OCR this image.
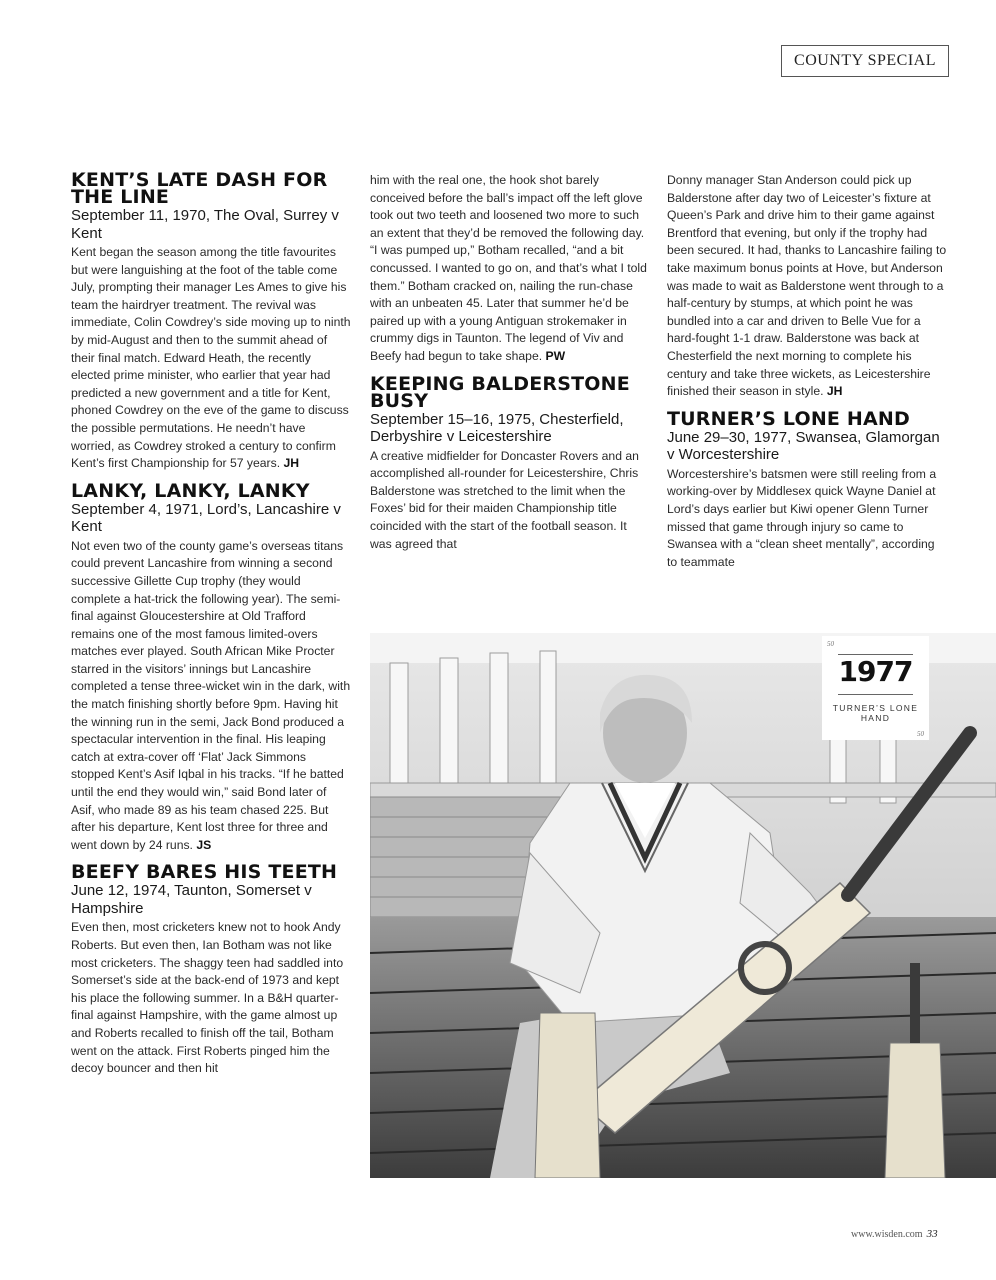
COUNTY SPECIAL
KENT’S LATE DASH FOR THE LINE
September 11, 1970, The Oval, Surrey v Kent

Kent began the season among the title favourites but were languishing at the foot of the table come July, prompting their manager Les Ames to give his team the hairdryer treatment. The revival was immediate, Colin Cowdrey’s side moving up to ninth by mid-August and then to the summit ahead of their final match. Edward Heath, the recently elected prime minister, who earlier that year had predicted a new government and a title for Kent, phoned Cowdrey on the eve of the game to discuss the possible permutations. He needn’t have worried, as Cowdrey stroked a century to confirm Kent’s first Championship for 57 years. JH

LANKY, LANKY, LANKY
September 4, 1971, Lord’s, Lancashire v Kent

Not even two of the county game’s overseas titans could prevent Lancashire from winning a second successive Gillette Cup trophy (they would complete a hat-trick the following year). The semi-final against Gloucestershire at Old Trafford remains one of the most famous limited-overs matches ever played. South African Mike Procter starred in the visitors’ innings but Lancashire completed a tense three-wicket win in the dark, with the match finishing shortly before 9pm. Having hit the winning run in the semi, Jack Bond produced a spectacular intervention in the final. His leaping catch at extra-cover off ‘Flat’ Jack Simmons stopped Kent’s Asif Iqbal in his tracks. “If he batted until the end they would win,” said Bond later of Asif, who made 89 as his team chased 225. But after his departure, Kent lost three for three and went down by 24 runs. JS

BEEFY BARES HIS TEETH
June 12, 1974, Taunton, Somerset v Hampshire

Even then, most cricketers knew not to hook Andy Roberts. But even then, Ian Botham was not like most cricketers. The shaggy teen had saddled into Somerset’s side at the back-end of 1973 and kept his place the following summer. In a B&H quarter-final against Hampshire, with the game almost up and Roberts recalled to finish off the tail, Botham went on the attack. First Roberts pinged him the decoy bouncer and then hit

him with the real one, the hook shot barely conceived before the ball’s impact off the left glove took out two teeth and loosened two more to such an extent that they’d be removed the following day. “I was pumped up,” Botham recalled, “and a bit concussed. I wanted to go on, and that’s what I told them.” Botham cracked on, nailing the run-chase with an unbeaten 45. Later that summer he’d be paired up with a young Antiguan strokemaker in crummy digs in Taunton. The legend of Viv and Beefy had begun to take shape. PW

KEEPING BALDERSTONE BUSY
September 15–16, 1975, Chesterfield, Derbyshire v Leicestershire

A creative midfielder for Doncaster Rovers and an accomplished all-rounder for Leicestershire, Chris Balderstone was stretched to the limit when the Foxes’ bid for their maiden Championship title coincided with the start of the football season. It was agreed that

Donny manager Stan Anderson could pick up Balderstone after day two of Leicester’s fixture at Queen’s Park and drive him to their game against Brentford that evening, but only if the trophy had been secured. It had, thanks to Lancashire failing to take maximum bonus points at Hove, but Anderson was made to wait as Balderstone went through to a half-century by stumps, at which point he was bundled into a car and driven to Belle Vue for a hard-fought 1-1 draw. Balderstone was back at Chesterfield the next morning to complete his century and take three wickets, as Leicestershire finished their season in style. JH

TURNER’S LONE HAND
June 29–30, 1977, Swansea, Glamorgan v Worcestershire

Worcestershire’s batsmen were still reeling from a working-over by Middlesex quick Wayne Daniel at Lord’s days earlier but Kiwi opener Glenn Turner missed that game through injury so came to Swansea with a “clean sheet mentally”, according to teammate

50
1977
TURNER’S LONE HAND
50
www.wisden.com 33
